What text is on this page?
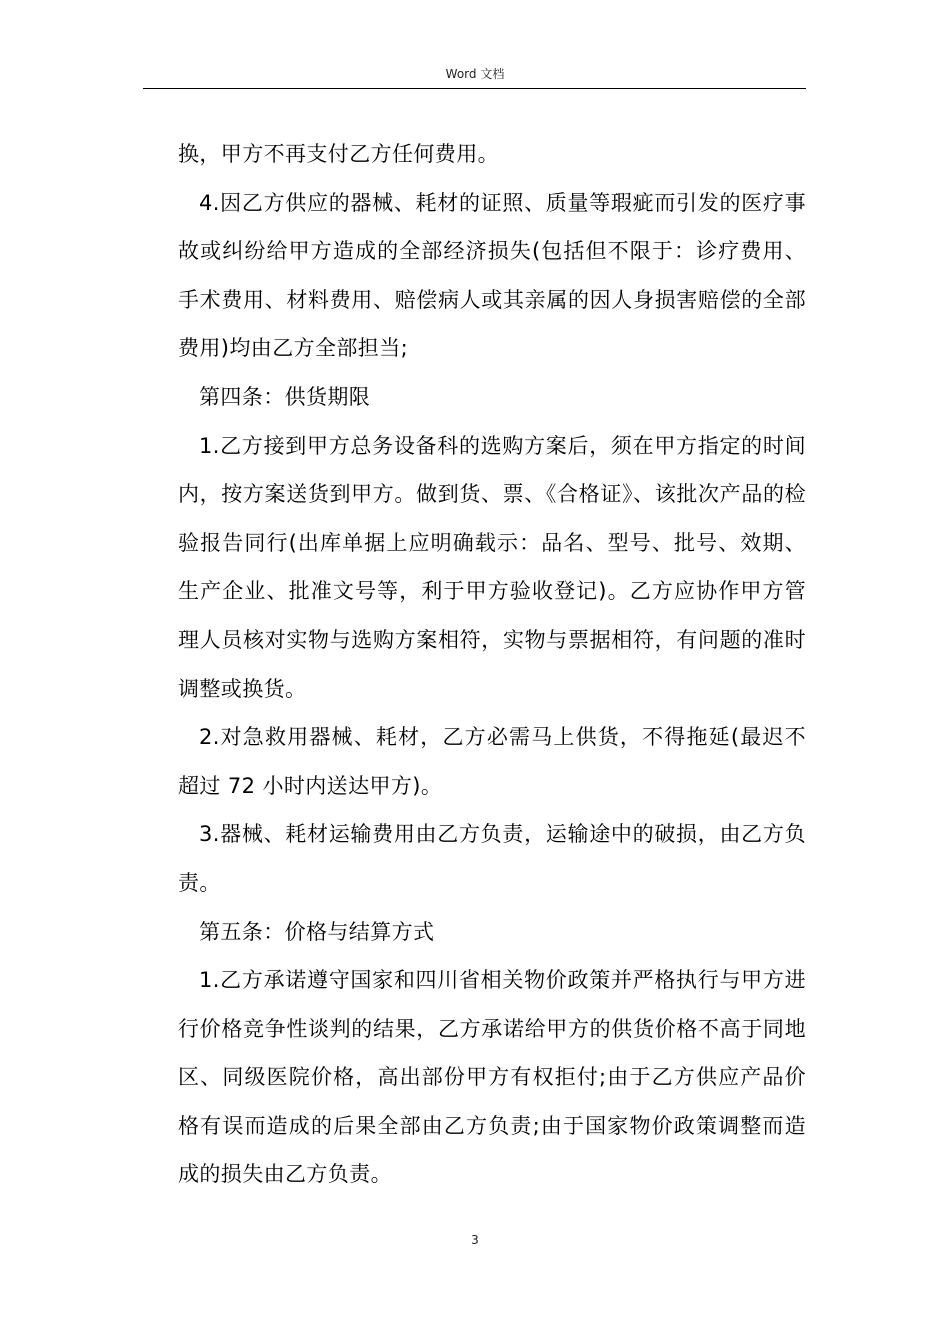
Word 文档

换，甲方不再支付乙方任何费用。

4.因乙方供应的器械、耗材的证照、质量等瑕疵而引发的医疗事故或纠纷给甲方造成的全部经济损失(包括但不限于：诊疗费用、手术费用、材料费用、赔偿病人或其亲属的因人身损害赔偿的全部费用)均由乙方全部担当;

第四条：供货期限

1.乙方接到甲方总务设备科的选购方案后，须在甲方指定的时间内，按方案送货到甲方。做到货、票、《合格证》、该批次产品的检验报告同行(出库单据上应明确载示：品名、型号、批号、效期、生产企业、批准文号等，利于甲方验收登记)。乙方应协作甲方管理人员核对实物与选购方案相符，实物与票据相符，有问题的准时调整或换货。

2.对急救用器械、耗材，乙方必需马上供货，不得拖延(最迟不超过 72 小时内送达甲方)。

3.器械、耗材运输费用由乙方负责，运输途中的破损，由乙方负责。

第五条：价格与结算方式

1.乙方承诺遵守国家和四川省相关物价政策并严格执行与甲方进行价格竞争性谈判的结果，乙方承诺给甲方的供货价格不高于同地区、同级医院价格，高出部份甲方有权拒付;由于乙方供应产品价格有误而造成的后果全部由乙方负责;由于国家物价政策调整而造成的损失由乙方负责。

3
